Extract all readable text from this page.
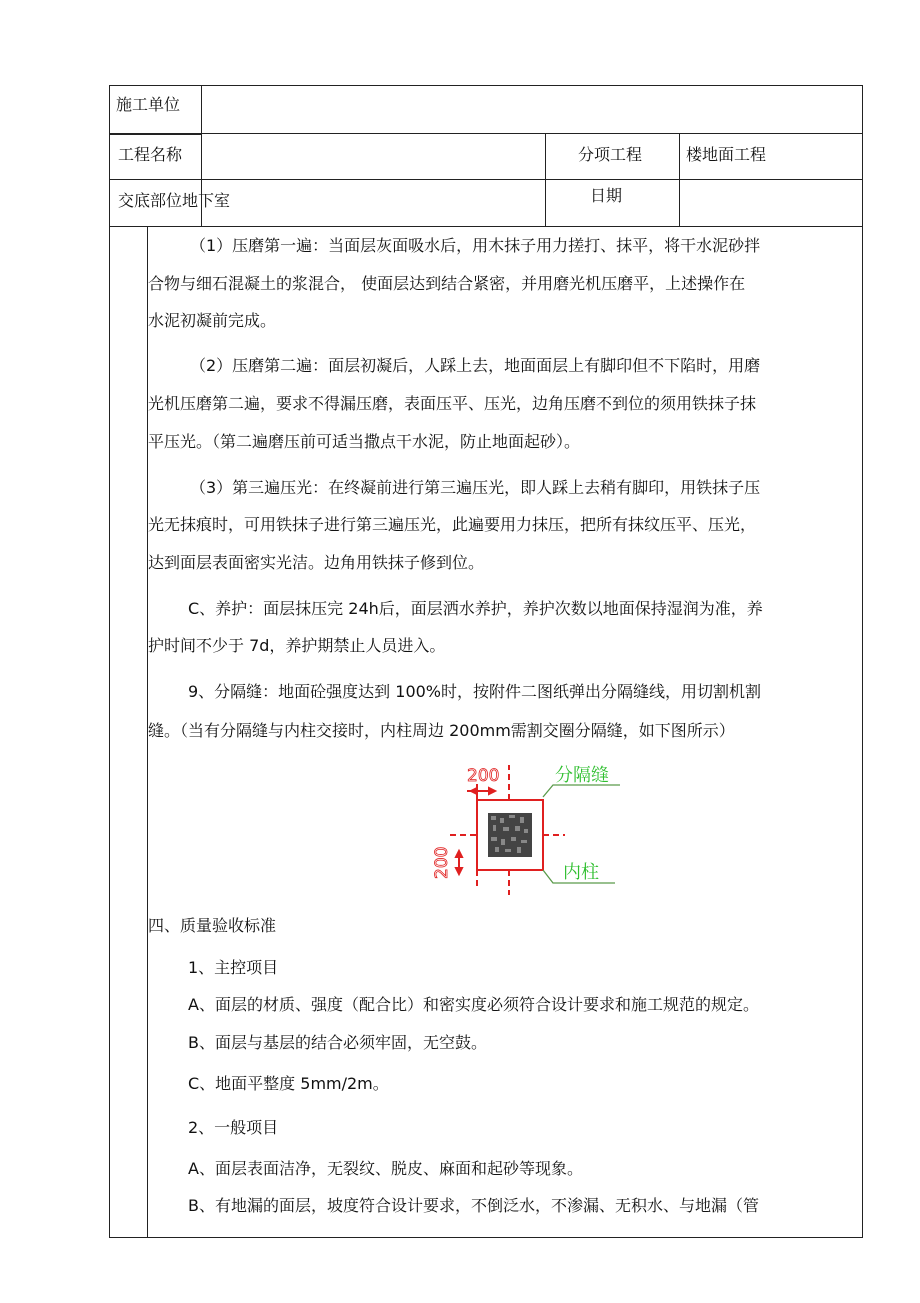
施工单位
工程名称	分项工程	楼地面工程
交底部位地下室	日期
（1）压磨第一遍：当面层灰面吸水后，用木抹子用力搓打、抹平，将干水泥砂拌
合物与细石混凝土的浆混合， 使面层达到结合紧密，并用磨光机压磨平，上述操作在
水泥初凝前完成。
（2）压磨第二遍：面层初凝后，人踩上去，地面面层上有脚印但不下陷时，用磨
光机压磨第二遍，要求不得漏压磨，表面压平、压光，边角压磨不到位的须用铁抹子抹
平压光。（第二遍磨压前可适当撒点干水泥，防止地面起砂）。
（3）第三遍压光：在终凝前进行第三遍压光，即人踩上去稍有脚印，用铁抹子压
光无抹痕时，可用铁抹子进行第三遍压光，此遍要用力抹压，把所有抹纹压平、压光，
达到面层表面密实光洁。边角用铁抹子修到位。
C、养护：面层抹压完 24h后，面层洒水养护，养护次数以地面保持湿润为准，养
护时间不少于 7d，养护期禁止人员进入。
9、分隔缝：地面砼强度达到 100%时，按附件二图纸弹出分隔缝线，用切割机割
缝。（当有分隔缝与内柱交接时，内柱周边 200mm需割交圈分隔缝，如下图所示）
200
200
分隔缝
内柱
四、质量验收标准
1、主控项目
A、面层的材质、强度（配合比）和密实度必须符合设计要求和施工规范的规定。
B、面层与基层的结合必须牢固，无空鼓。
C、地面平整度 5mm/2m。
2、一般项目
A、面层表面洁净，无裂纹、脱皮、麻面和起砂等现象。
B、有地漏的面层，坡度符合设计要求，不倒泛水，不渗漏、无积水、与地漏（管
